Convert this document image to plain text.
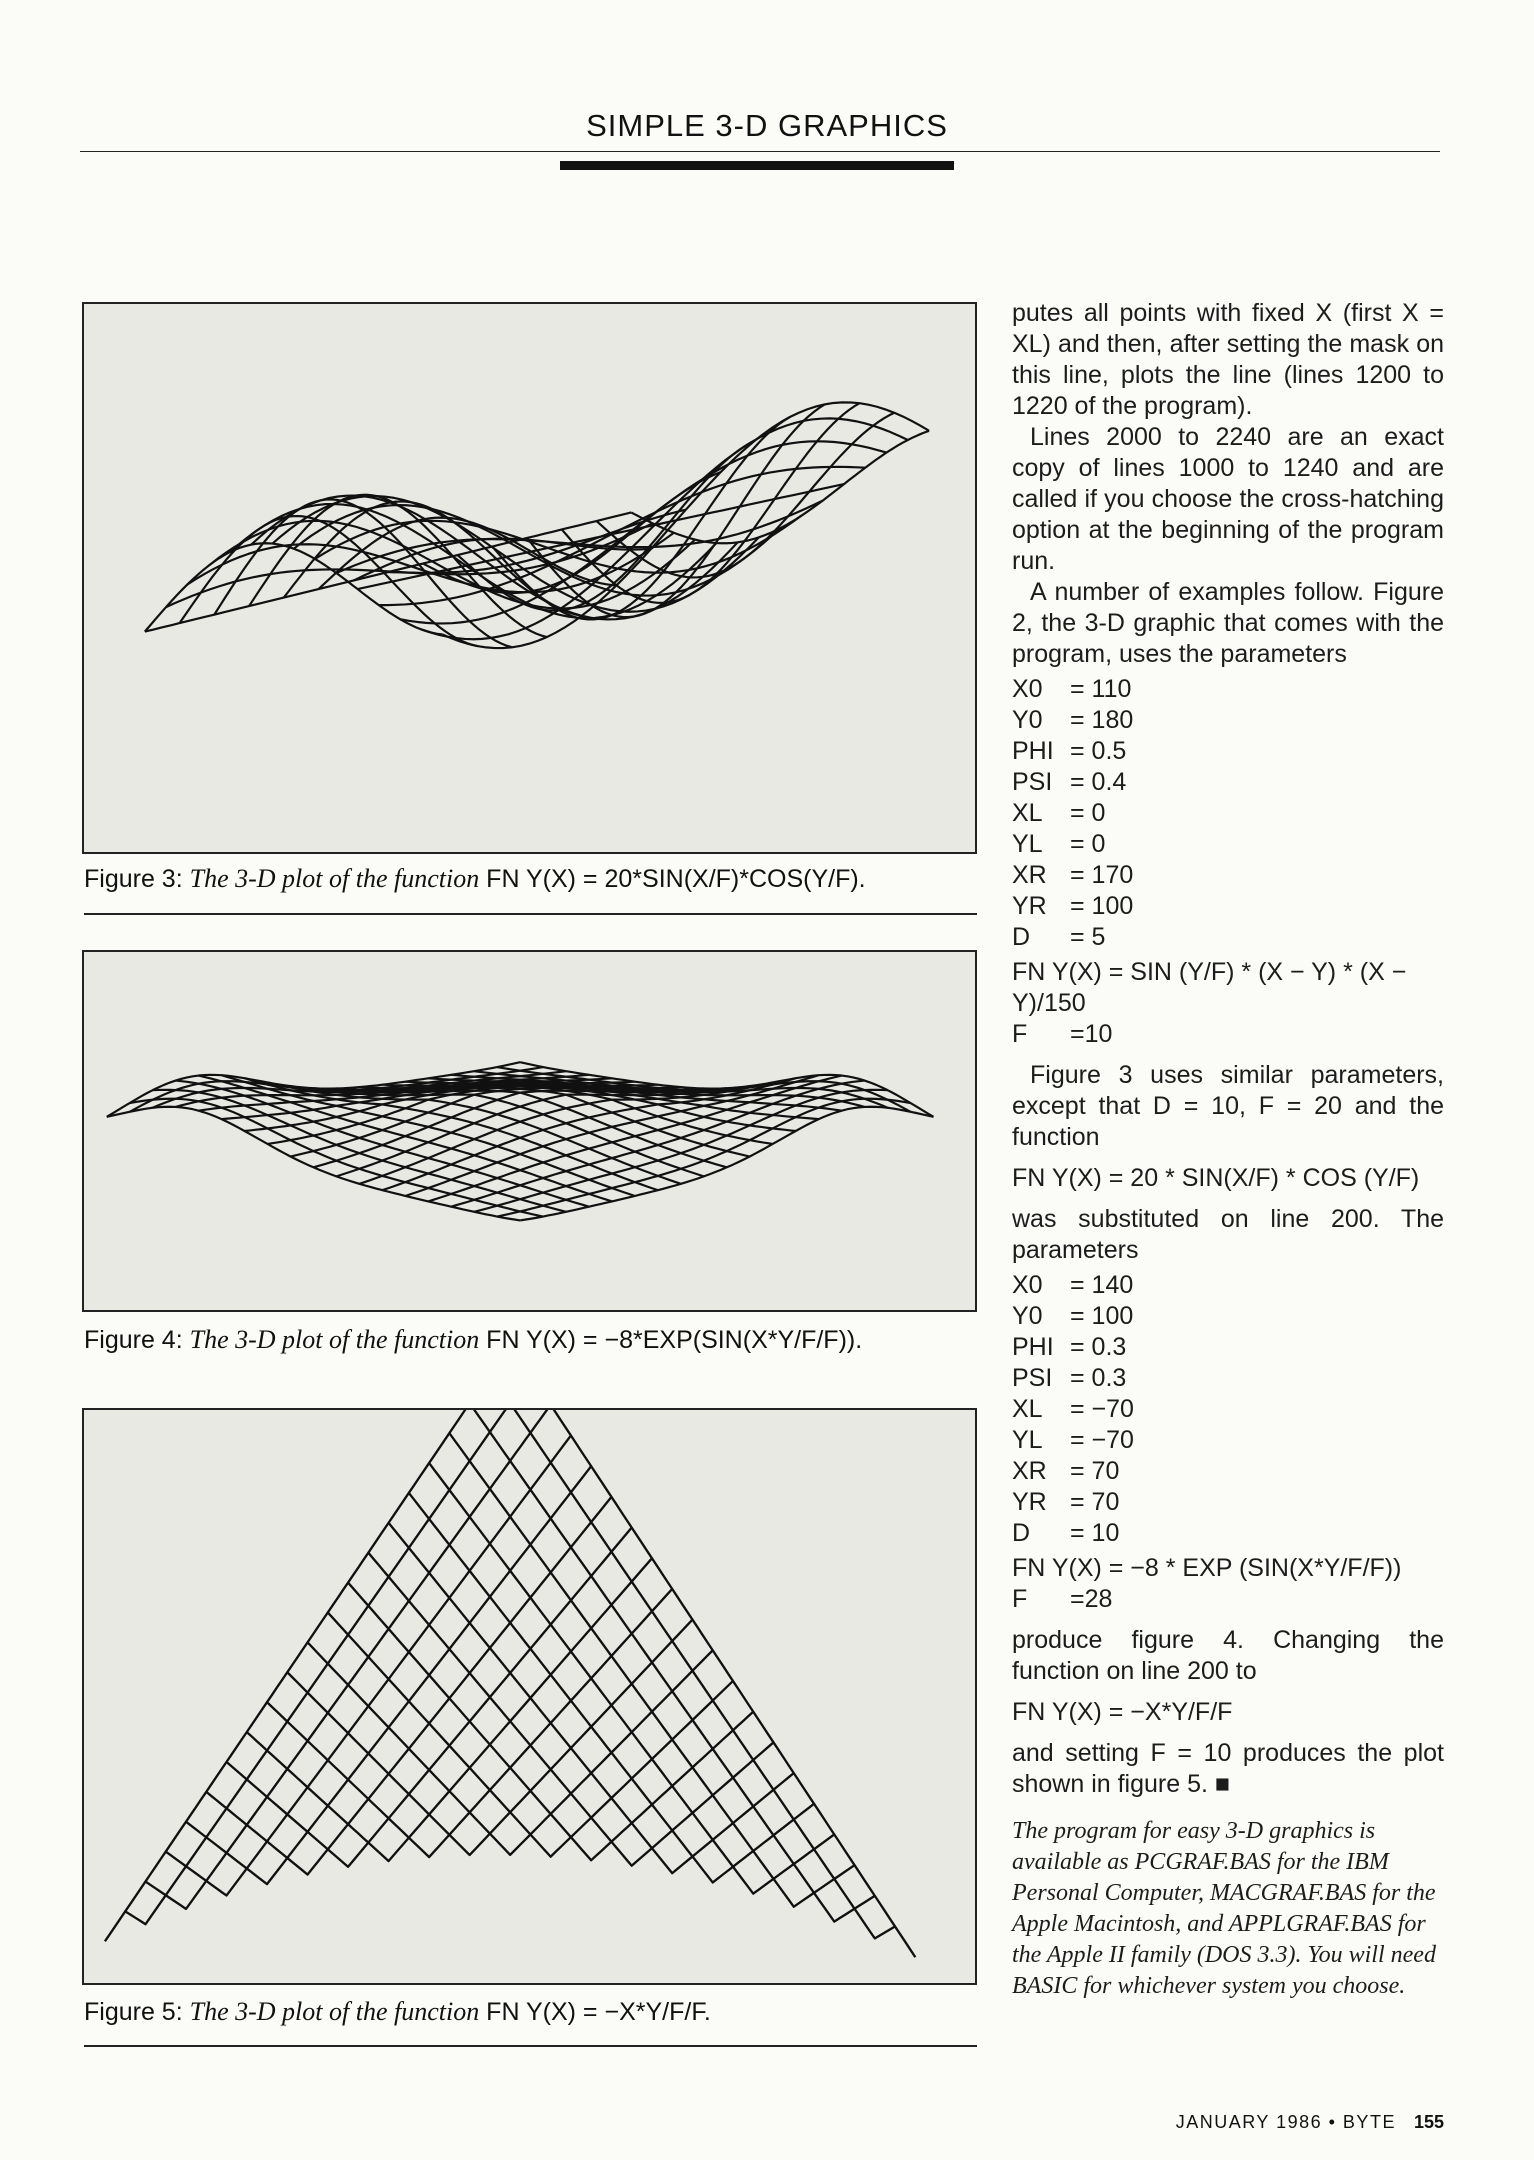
SIMPLE 3-D GRAPHICS
Figure 3: The 3-D plot of the function FN Y(X) = 20*SIN(X/F)*COS(Y/F).
Figure 4: The 3-D plot of the function FN Y(X) = −8*EXP(SIN(X*Y/F/F)).
Figure 5: The 3-D plot of the function FN Y(X) = −X*Y/F/F.

putes all points with fixed X (first X = XL) and then, after setting the mask on this line, plots the line (lines 1200 to 1220 of the program).

Lines 2000 to 2240 are an exact copy of lines 1000 to 1240 and are called if you choose the cross-hatching option at the beginning of the program run.

A number of examples follow. Figure 2, the 3-D graphic that comes with the program, uses the parameters

X0	= 110
Y0	= 180
PHI = 0.5
PSI = 0.4
XL	= 0
YL	= 0
XR = 170
YR = 100
D	= 5
FN Y(X) = SIN (Y/F) * (X − Y) * (X − Y)/150
F	=10

Figure 3 uses similar parameters, except that D = 10, F = 20 and the function

FN Y(X) = 20 * SIN(X/F) * COS (Y/F)

was substituted on line 200. The parameters

X0	= 140
Y0	= 100
PHI = 0.3
PSI = 0.3
XL	= −70
YL	= −70
XR = 70
YR = 70
D	= 10
FN Y(X) = −8 * EXP (SIN(X*Y/F/F))
F	=28

produce figure 4. Changing the function on line 200 to

FN Y(X) = −X*Y/F/F

and setting F = 10 produces the plot shown in figure 5. ■

The program for easy 3-D graphics is available as PCGRAF.BAS for the IBM Personal Computer, MACGRAF.BAS for the Apple Macintosh, and APPLGRAF.BAS for the Apple II family (DOS 3.3). You will need BASIC for whichever system you choose.
JANUARY 1986 • BYTE 155
